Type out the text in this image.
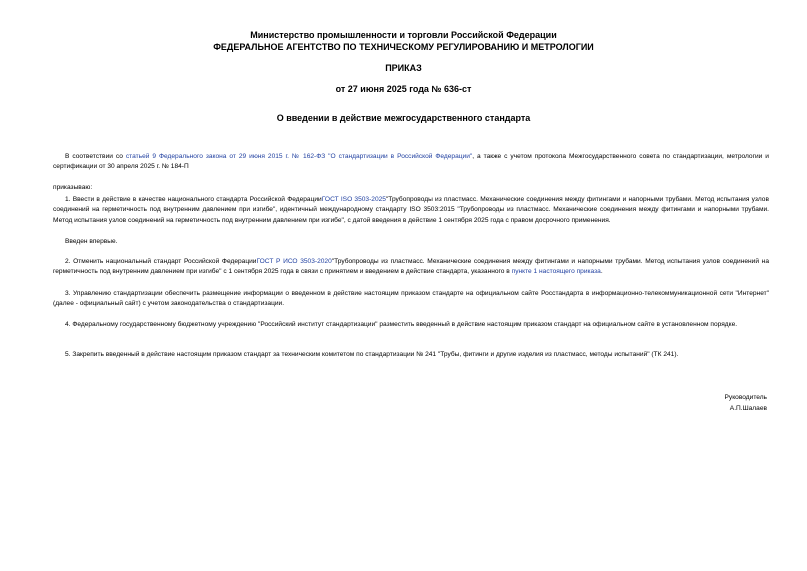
Министерство промышленности и торговли Российской Федерации
ФЕДЕРАЛЬНОЕ АГЕНТСТВО ПО ТЕХНИЧЕСКОМУ РЕГУЛИРОВАНИЮ И МЕТРОЛОГИИ
ПРИКАЗ
от 27 июня 2025 года № 636-ст
О введении в действие межгосударственного стандарта
В соответствии со статьей 9 Федерального закона от 29 июня 2015 г. № 162-ФЗ "О стандартизации в Российской Федерации", а также с учетом протокола Межгосударственного совета по стандартизации, метрологии и сертификации от 30 апреля 2025 г. № 184-П
приказываю:
1. Ввести в действие в качестве национального стандарта Российской ФедерацииГОСТ ISO 3503-2025"Трубопроводы из пластмасс. Механические соединения между фитингами и напорными трубами. Метод испытания узлов соединений на герметичность под внутренним давлением при изгибе", идентичный международному стандарту ISO 3503:2015 "Трубопроводы из пластмасс. Механические соединения между фитингами и напорными трубами. Метод испытания узлов соединений на герметичность под внутренним давлением при изгибе", с датой введения в действие 1 сентября 2025 года с правом досрочного применения.
Введен впервые.
2. Отменить национальный стандарт Российской ФедерацииГОСТ Р ИСО 3503-2020"Трубопроводы из пластмасс. Механические соединения между фитингами и напорными трубами. Метод испытания узлов соединений на герметичность под внутренним давлением при изгибе" с 1 сентября 2025 года в связи с принятием и введением в действие стандарта, указанного в пункте 1 настоящего приказа.
3. Управлению стандартизации обеспечить размещение информации о введенном в действие настоящим приказом стандарте на официальном сайте Росстандарта в информационно-телекоммуникационной сети "Интернет" (далее - официальный сайт) с учетом законодательства о стандартизации.
4. Федеральному государственному бюджетному учреждению "Российский институт стандартизации" разместить введенный в действие настоящим приказом стандарт на официальном сайте в установленном порядке.
5. Закрепить введенный в действие настоящим приказом стандарт за техническим комитетом по стандартизации № 241 "Трубы, фитинги и другие изделия из пластмасс, методы испытаний" (ТК 241).
Руководитель
А.П.Шалаев
